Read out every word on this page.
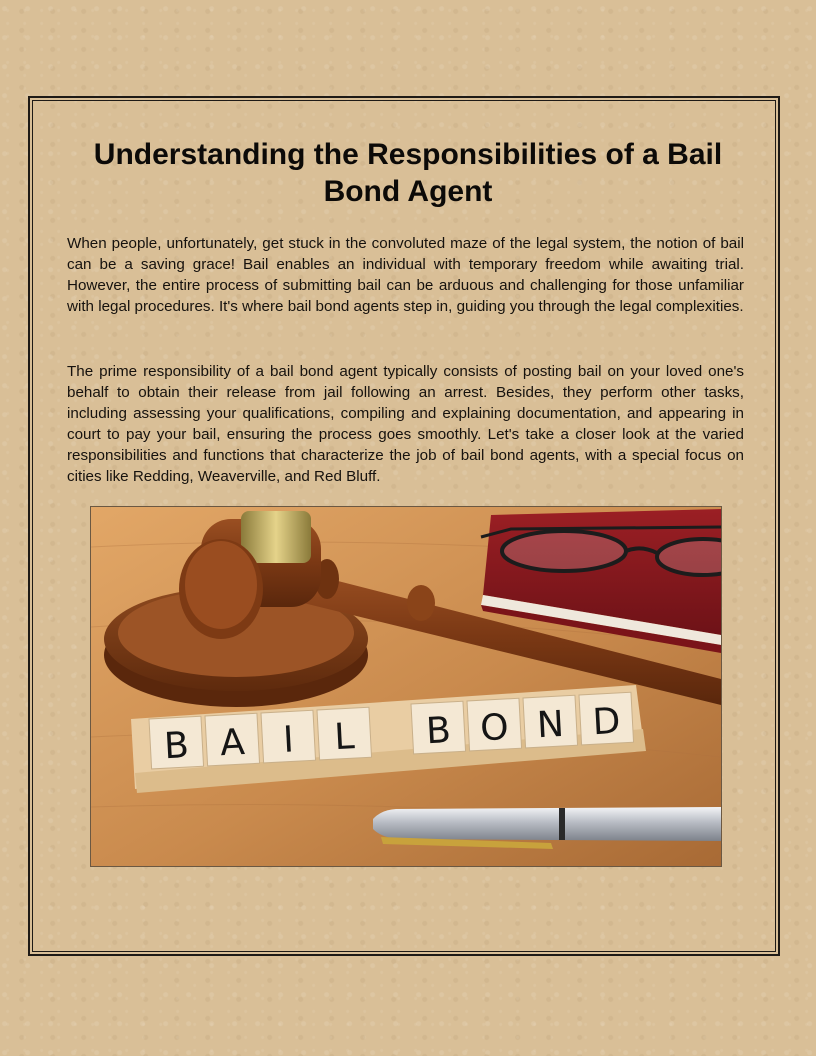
Understanding the Responsibilities of a Bail Bond Agent

When people, unfortunately, get stuck in the convoluted maze of the legal system, the notion of bail can be a saving grace! Bail enables an individual with temporary freedom while awaiting trial. However, the entire process of submitting bail can be arduous and challenging for those unfamiliar with legal procedures. It's where bail bond agents step in, guiding you through the legal complexities.

The prime responsibility of a bail bond agent typically consists of posting bail on your loved one's behalf to obtain their release from jail following an arrest. Besides, they perform other tasks, including assessing your qualifications, compiling and explaining documentation, and appearing in court to pay your bail, ensuring the process goes smoothly. Let's take a closer look at the varied responsibilities and functions that characterize the job of bail bond agents, with a special focus on cities like Redding, Weaverville, and Red Bluff.

B A I L B O N D
